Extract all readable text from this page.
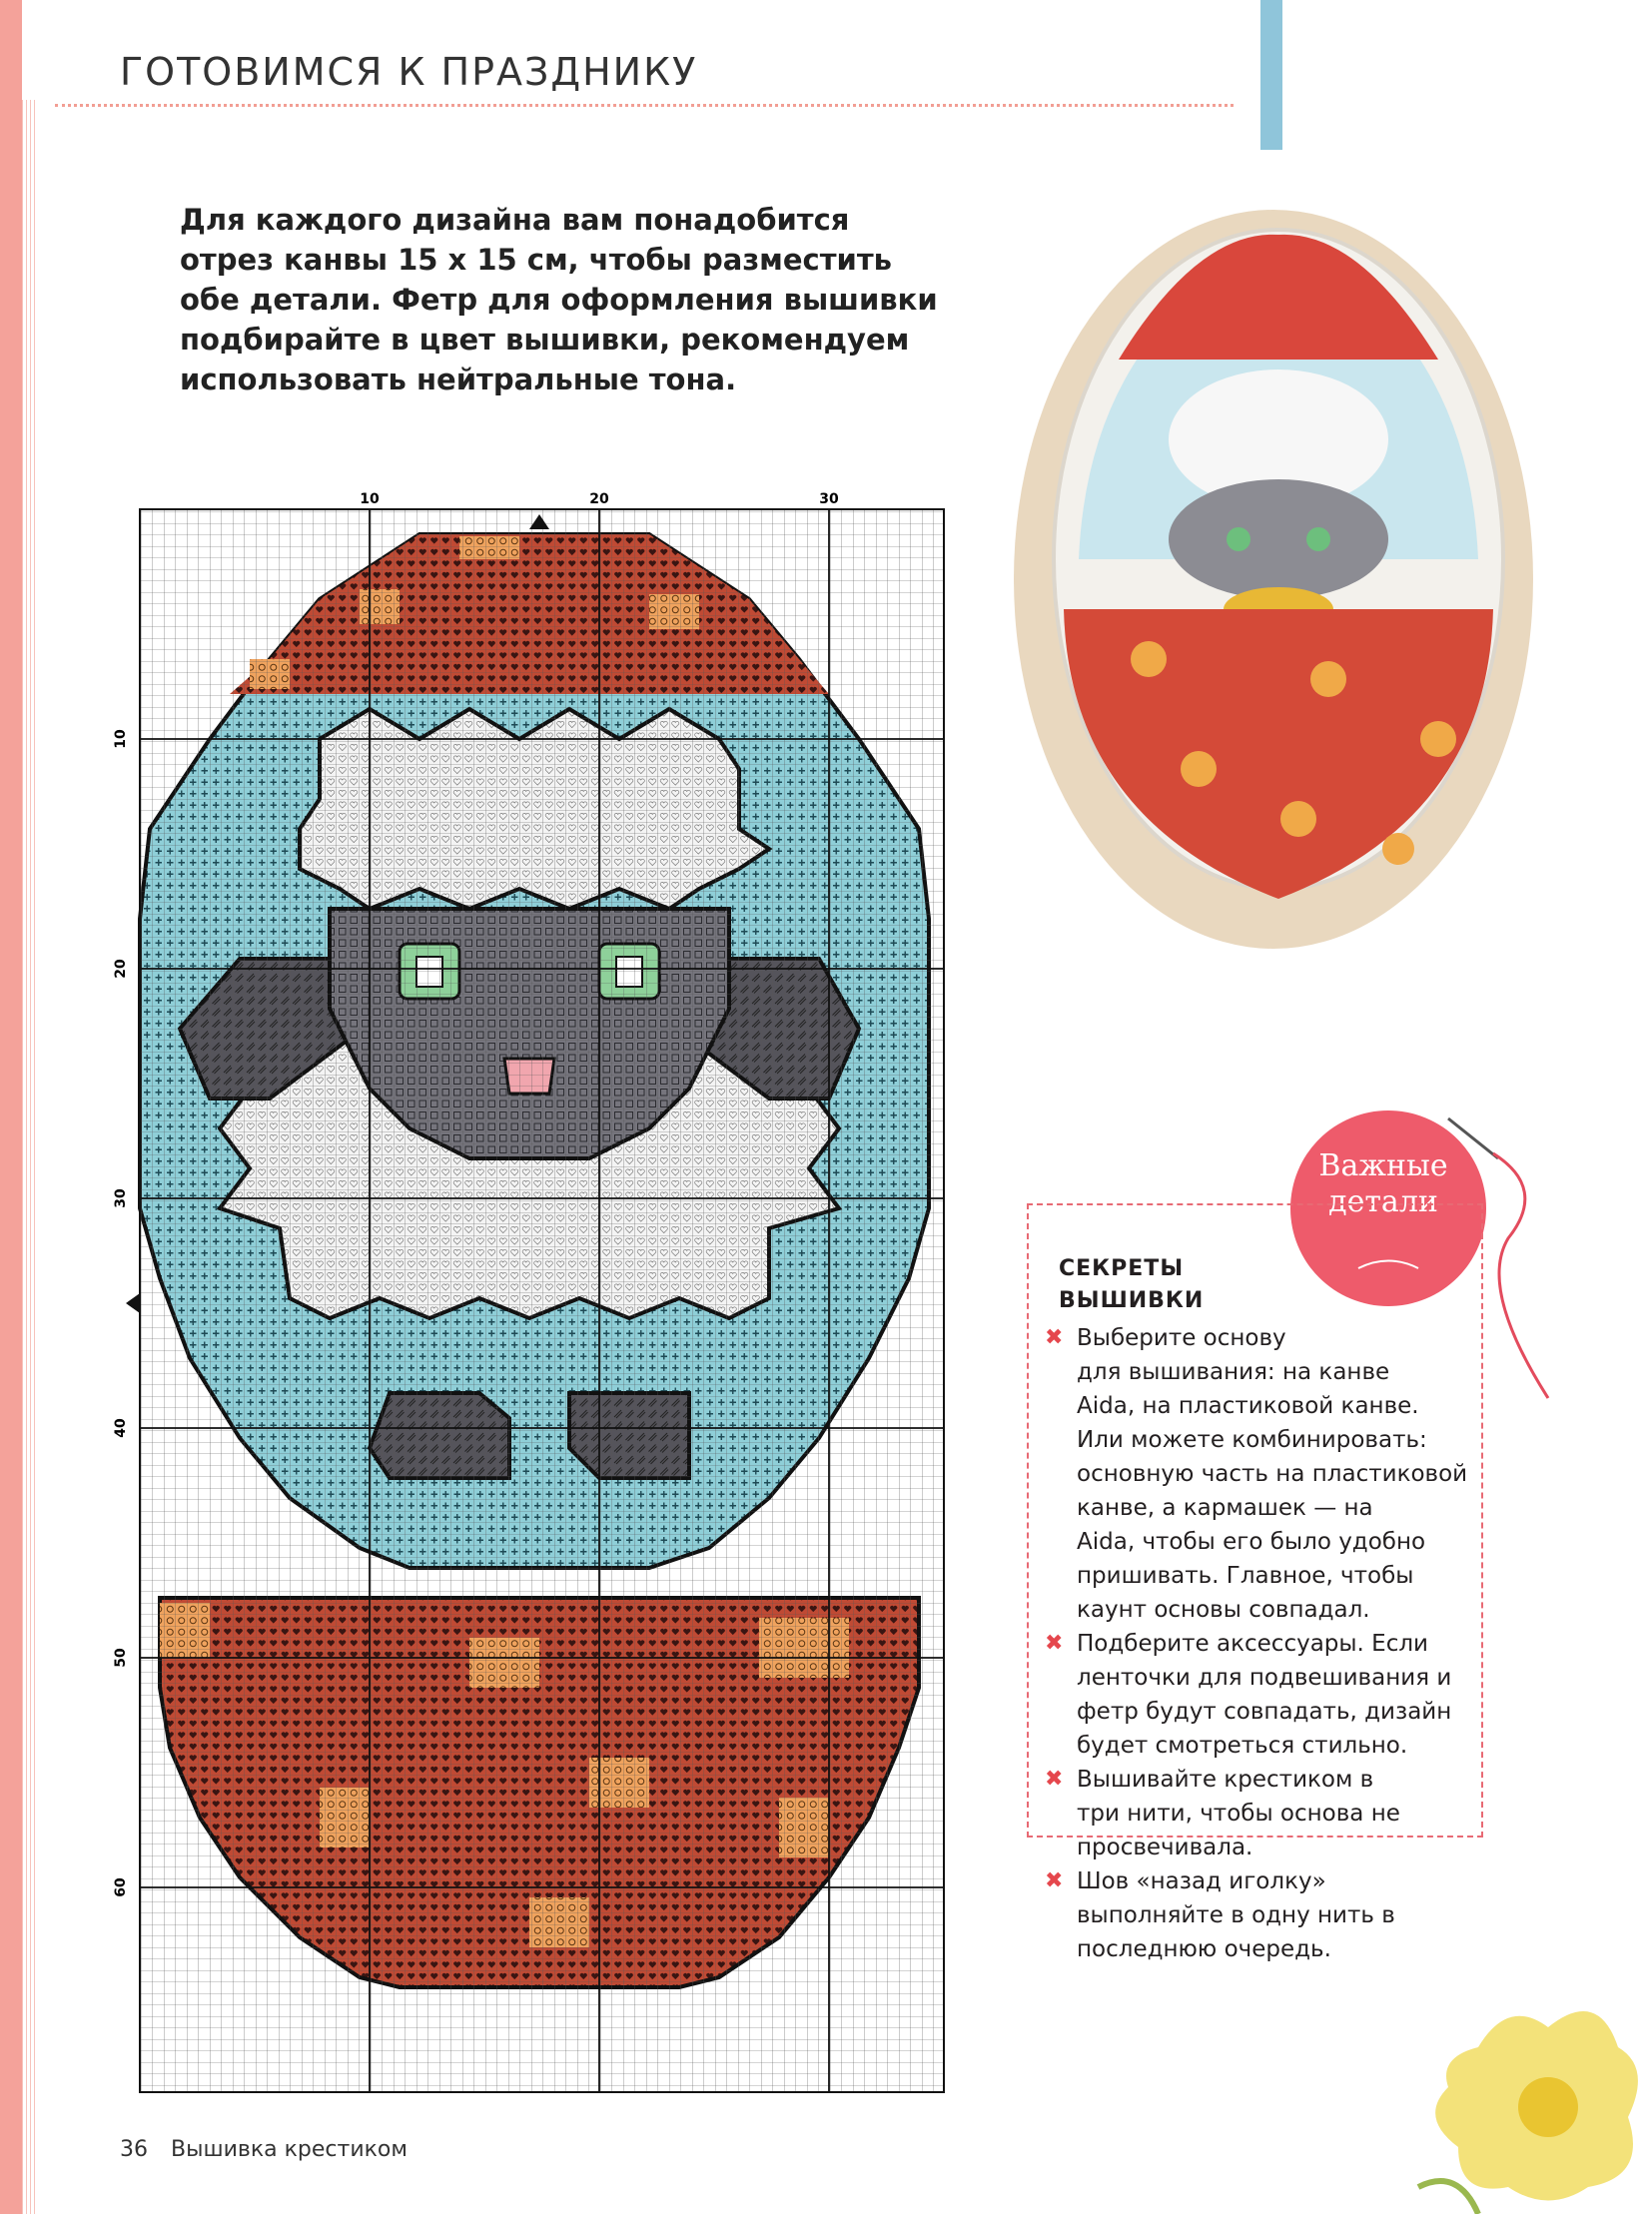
ГОТОВИМСЯ К ПРАЗДНИКУ
Для каждого дизайна вам понадобится
отрез канвы 15 х 15 см, чтобы разместить
обе детали. Фетр для оформления вышивки
подбирайте в цвет вышивки, рекомендуем
использовать нейтральные тона.
10	20	30
10
20
30
40
50
60
Важные
детали
СЕКРЕТЫ
ВЫШИВКИ
✖ Выберите основу
для вышивания: на канве
Aida, на пластиковой канве.
Или можете комбинировать:
основную часть на пластиковой
канве, а кармашек — на
Aida, чтобы его было удобно
пришивать. Главное, чтобы
каунт основы совпадал.
✖ Подберите аксессуары. Если
ленточки для подвешивания и
фетр будут совпадать, дизайн
будет смотреться стильно.
✖ Вышивайте крестиком в
три нити, чтобы основа не
просвечивала.
✖ Шов «назад иголку»
выполняйте в одну нить в
последнюю очередь.
36 Вышивка крестиком
